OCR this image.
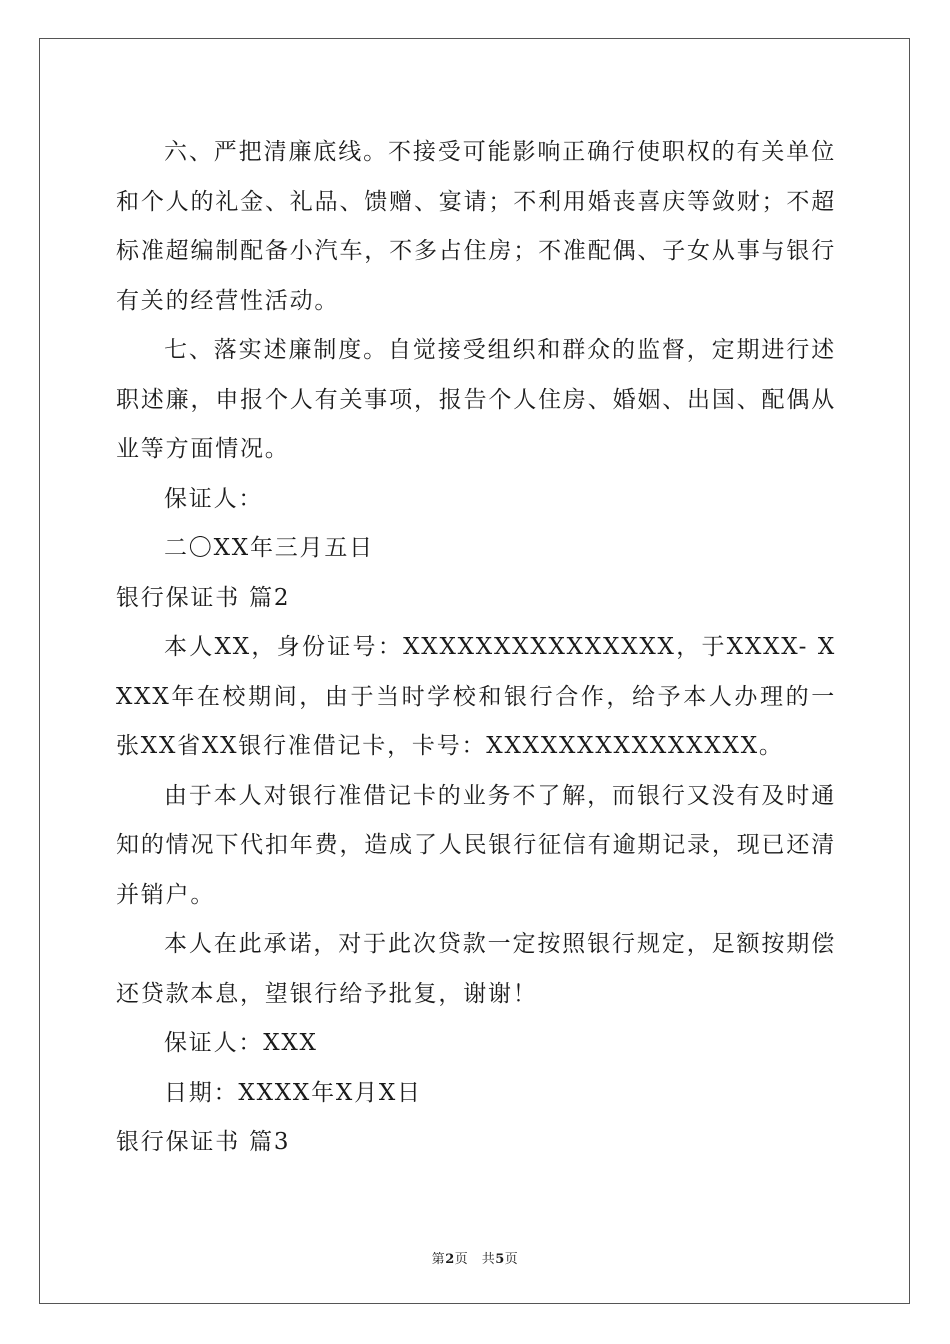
六、严把清廉底线。不接受可能影响正确行使职权的有关单位和个人的礼金、礼品、馈赠、宴请；不利用婚丧喜庆等敛财；不超标准超编制配备小汽车，不多占住房；不准配偶、子女从事与银行有关的经营性活动。

七、落实述廉制度。自觉接受组织和群众的监督，定期进行述职述廉，申报个人有关事项，报告个人住房、婚姻、出国、配偶从业等方面情况。

保证人：

二〇XX年三月五日

银行保证书 篇2

本人XX，身份证号：XXXXXXXXXXXXXXX，于XXXX- XXXX年在校期间，由于当时学校和银行合作，给予本人办理的一张XX省XX银行准借记卡，卡号：XXXXXXXXXXXXXXX。

由于本人对银行准借记卡的业务不了解，而银行又没有及时通知的情况下代扣年费，造成了人民银行征信有逾期记录，现已还清并销户。

本人在此承诺，对于此次贷款一定按照银行规定，足额按期偿还贷款本息，望银行给予批复，谢谢！

保证人：XXX

日期：XXXX年X月X日

银行保证书 篇3

第2页　共5页
